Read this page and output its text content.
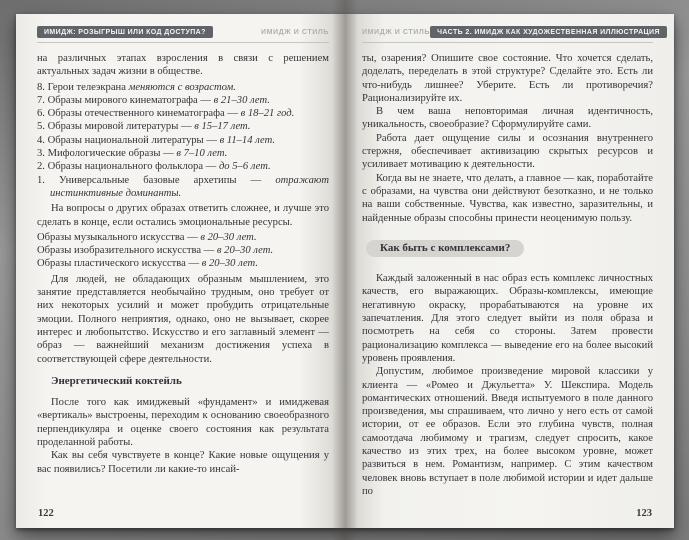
ИМИДЖ: РОЗЫГРЫШ ИЛИ КОД ДОСТУПА?	ИМИДЖ И СТИЛЬ

на различных этапах взросления в связи с решением актуальных задач жизни в обществе.

8. Герои телеэкрана меняются с возрастом.

7. Образы мирового кинематографа — в 21–30 лет.

6. Образы отечественного кинематографа — в 18–21 год.

5. Образы мировой литературы — в 15–17 лет.

4. Образы национальной литературы — в 11–14 лет.

3. Мифологические образы — в 7–10 лет.

2. Образы национального фольклора — до 5–6 лет.

1. Универсальные базовые архетипы — отражают инстинктивные доминанты.

На вопросы о других образах ответить сложнее, и лучше это сделать в конце, если остались эмоциональные ресурсы.

Образы музыкального искусства — в 20–30 лет.

Образы изобразительного искусства — в 20–30 лет.

Образы пластического искусства — в 20–30 лет.

Для людей, не обладающих образным мышлением, это занятие представляется необычайно трудным, оно требует от них некоторых усилий и может пробудить отрицательные эмоции. Полного неприятия, однако, оно не вызывает, скорее интерес и любопытство. Искусство и его заглавный элемент — образ — важнейший механизм достижения успеха в соответствующей сфере деятельности.

Энергетический коктейль

После того как имиджевый «фундамент» и имиджевая «вертикаль» выстроены, переходим к основанию своеобразного перпендикуляра и оценке своего состояния как результата проделанной работы.

Как вы себя чувствуете в конце? Какие новые ощущения у вас появились? Посетили ли какие-то инсай-

122
ИМИДЖ И СТИЛЬ	ЧАСТЬ 2. ИМИДЖ КАК ХУДОЖЕСТВЕННАЯ ИЛЛЮСТРАЦИЯ

ты, озарения? Опишите свое состояние. Что хочется сделать, доделать, переделать в этой структуре? Сделайте это. Есть ли что-нибудь лишнее? Уберите. Есть ли противоречия? Рационализируйте их.

В чем ваша неповторимая личная идентичность, уникальность, своеобразие? Сформулируйте сами.

Работа дает ощущение силы и осознания внутреннего стержня, обеспечивает активизацию скрытых ресурсов и усиливает мотивацию к деятельности.

Когда вы не знаете, что делать, а главное — как, поработайте с образами, на чувства они действуют безотказно, и не только на ваши собственные. Чувства, как известно, заразительны, и найденные образы способны принести неоценимую пользу.

Как быть с комплексами?

Каждый заложенный в нас образ есть комплекс личностных качеств, его выражающих. Образы-комплексы, имеющие негативную окраску, прорабатываются на уровне их запечатления. Для этого следует выйти из поля образа и посмотреть на себя со стороны. Затем провести рационализацию комплекса — выведение его на более высокий уровень проявления.

Допустим, любимое произведение мировой классики у клиента — «Ромео и Джульетта» У. Шекспира. Модель романтических отношений. Введя испытуемого в поле данного произведения, мы спрашиваем, что лично у него есть от самой истории, от ее образов. Если это глубина чувств, полная самоотдача любимому и трагизм, следует спросить, какое качество из этих трех, на более высоком уровне, может развиться в нем. Романтизм, например. С этим качеством человек вновь вступает в поле любимой истории и идет дальше по

123
